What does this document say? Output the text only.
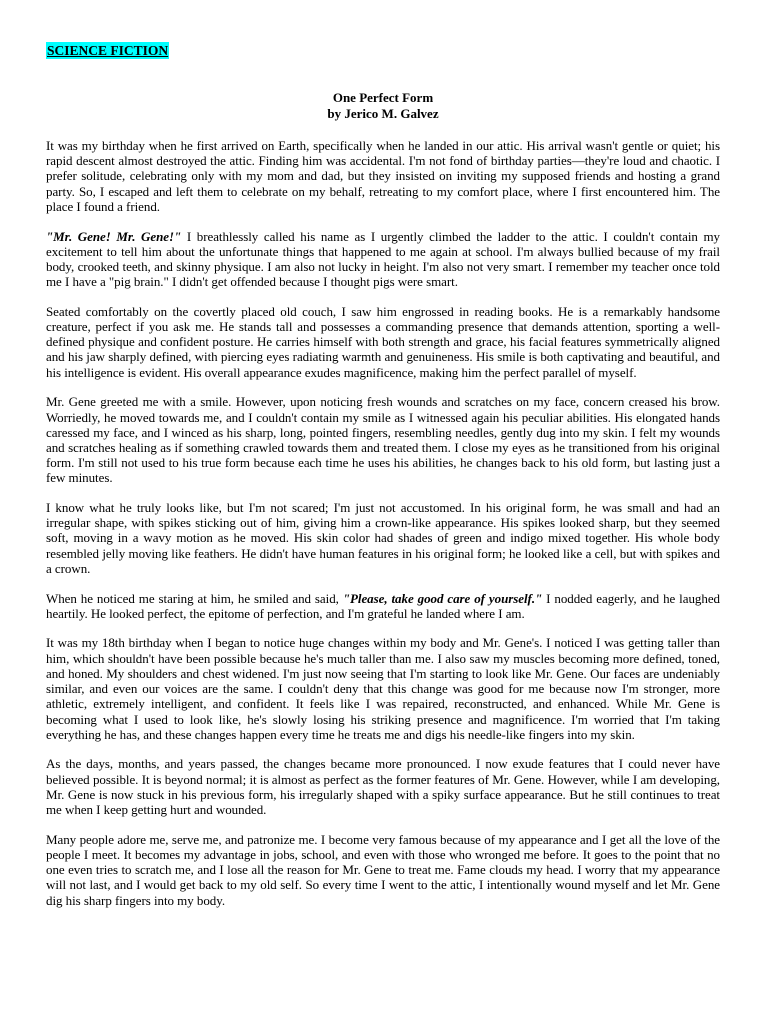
SCIENCE FICTION
One Perfect Form
by Jerico M. Galvez

It was my birthday when he first arrived on Earth, specifically when he landed in our attic. His arrival wasn't gentle or quiet; his rapid descent almost destroyed the attic. Finding him was accidental. I'm not fond of birthday parties—they're loud and chaotic. I prefer solitude, celebrating only with my mom and dad, but they insisted on inviting my supposed friends and hosting a grand party. So, I escaped and left them to celebrate on my behalf, retreating to my comfort place, where I first encountered him. The place I found a friend.

"Mr. Gene! Mr. Gene!" I breathlessly called his name as I urgently climbed the ladder to the attic. I couldn't contain my excitement to tell him about the unfortunate things that happened to me again at school. I'm always bullied because of my frail body, crooked teeth, and skinny physique. I am also not lucky in height. I'm also not very smart. I remember my teacher once told me I have a "pig brain." I didn't get offended because I thought pigs were smart.

Seated comfortably on the covertly placed old couch, I saw him engrossed in reading books. He is a remarkably handsome creature, perfect if you ask me. He stands tall and possesses a commanding presence that demands attention, sporting a well-defined physique and confident posture. He carries himself with both strength and grace, his facial features symmetrically aligned and his jaw sharply defined, with piercing eyes radiating warmth and genuineness. His smile is both captivating and beautiful, and his intelligence is evident. His overall appearance exudes magnificence, making him the perfect parallel of myself.

Mr. Gene greeted me with a smile. However, upon noticing fresh wounds and scratches on my face, concern creased his brow. Worriedly, he moved towards me, and I couldn't contain my smile as I witnessed again his peculiar abilities. His elongated hands caressed my face, and I winced as his sharp, long, pointed fingers, resembling needles, gently dug into my skin. I felt my wounds and scratches healing as if something crawled towards them and treated them. I close my eyes as he transitioned from his original form. I'm still not used to his true form because each time he uses his abilities, he changes back to his old form, but lasting just a few minutes.

I know what he truly looks like, but I'm not scared; I'm just not accustomed. In his original form, he was small and had an irregular shape, with spikes sticking out of him, giving him a crown-like appearance. His spikes looked sharp, but they seemed soft, moving in a wavy motion as he moved. His skin color had shades of green and indigo mixed together. His whole body resembled jelly moving like feathers. He didn't have human features in his original form; he looked like a cell, but with spikes and a crown.

When he noticed me staring at him, he smiled and said, "Please, take good care of yourself." I nodded eagerly, and he laughed heartily. He looked perfect, the epitome of perfection, and I'm grateful he landed where I am.

It was my 18th birthday when I began to notice huge changes within my body and Mr. Gene's. I noticed I was getting taller than him, which shouldn't have been possible because he's much taller than me. I also saw my muscles becoming more defined, toned, and honed. My shoulders and chest widened. I'm just now seeing that I'm starting to look like Mr. Gene. Our faces are undeniably similar, and even our voices are the same. I couldn't deny that this change was good for me because now I'm stronger, more athletic, extremely intelligent, and confident. It feels like I was repaired, reconstructed, and enhanced. While Mr. Gene is becoming what I used to look like, he's slowly losing his striking presence and magnificence. I'm worried that I'm taking everything he has, and these changes happen every time he treats me and digs his needle-like fingers into my skin.

As the days, months, and years passed, the changes became more pronounced. I now exude features that I could never have believed possible. It is beyond normal; it is almost as perfect as the former features of Mr. Gene. However, while I am developing, Mr. Gene is now stuck in his previous form, his irregularly shaped with a spiky surface appearance. But he still continues to treat me when I keep getting hurt and wounded.

Many people adore me, serve me, and patronize me. I become very famous because of my appearance and I get all the love of the people I meet. It becomes my advantage in jobs, school, and even with those who wronged me before. It goes to the point that no one even tries to scratch me, and I lose all the reason for Mr. Gene to treat me. Fame clouds my head. I worry that my appearance will not last, and I would get back to my old self. So every time I went to the attic, I intentionally wound myself and let Mr. Gene dig his sharp fingers into my body.
